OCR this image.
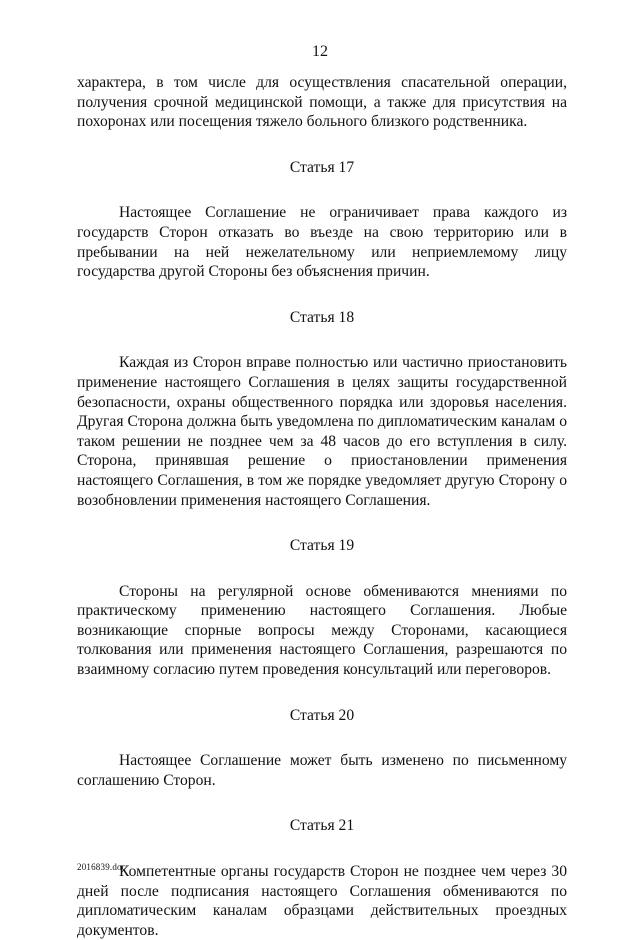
12

характера, в том числе для осуществления спасательной операции, получения срочной медицинской помощи, а также для присутствия на похоронах или посещения тяжело больного близкого родственника.

Статья 17

Настоящее Соглашение не ограничивает права каждого из государств Сторон отказать во въезде на свою территорию или в пребывании на ней нежелательному или неприемлемому лицу государства другой Стороны без объяснения причин.

Статья 18

Каждая из Сторон вправе полностью или частично приостановить применение настоящего Соглашения в целях защиты государственной безопасности, охраны общественного порядка или здоровья населения. Другая Сторона должна быть уведомлена по дипломатическим каналам о таком решении не позднее чем за 48 часов до его вступления в силу. Сторона, принявшая решение о приостановлении применения настоящего Соглашения, в том же порядке уведомляет другую Сторону о возобновлении применения настоящего Соглашения.

Статья 19

Стороны на регулярной основе обмениваются мнениями по практическому применению настоящего Соглашения. Любые возникающие спорные вопросы между Сторонами, касающиеся толкования или применения настоящего Соглашения, разрешаются по взаимному согласию путем проведения консультаций или переговоров.

Статья 20

Настоящее Соглашение может быть изменено по письменному соглашению Сторон.

Статья 21

Компетентные органы государств Сторон не позднее чем через 30 дней после подписания настоящего Соглашения обмениваются по дипломатическим каналам образцами действительных проездных документов.

2016839.doc
